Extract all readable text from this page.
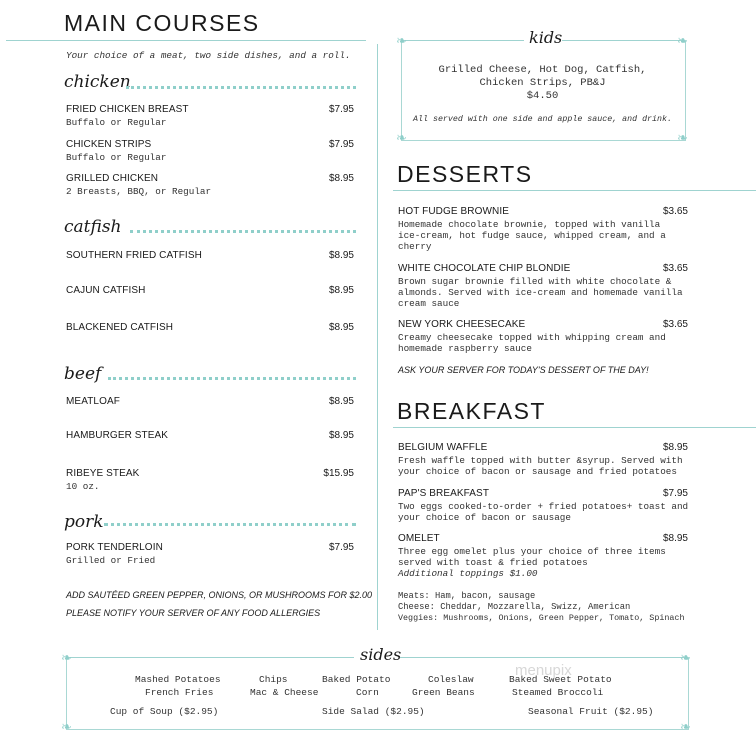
MAIN COURSES
Your choice of a meat, two side dishes, and a roll.
chicken
FRIED CHICKEN BREAST	$7.95
Buffalo or Regular
CHICKEN STRIPS	$7.95
Buffalo or Regular
GRILLED CHICKEN	$8.95
2 Breasts, BBQ, or Regular
catfish
SOUTHERN FRIED CATFISH	$8.95
CAJUN CATFISH	$8.95
BLACKENED CATFISH	$8.95
beef
MEATLOAF	$8.95
HAMBURGER STEAK	$8.95
RIBEYE STEAK	$15.95
10 oz.
pork
PORK TENDERLOIN	$7.95
Grilled or Fried
ADD SAUTÉED GREEN PEPPER, ONIONS, OR MUSHROOMS FOR $2.00
PLEASE NOTIFY YOUR SERVER OF ANY FOOD ALLERGIES
kids
❧	❧
❧	❧
Grilled Cheese, Hot Dog, Catfish,
Chicken Strips, PB&J
$4.50
All served with one side and apple sauce, and drink.
DESSERTS
HOT FUDGE BROWNIE	$3.65
Homemade chocolate brownie, topped with vanilla
ice-cream, hot fudge sauce, whipped cream, and a
cherry
WHITE CHOCOLATE CHIP BLONDIE	$3.65
Brown sugar brownie filled with white chocolate &
almonds. Served with ice-cream and homemade vanilla
cream sauce
NEW YORK CHEESECAKE	$3.65
Creamy cheesecake topped with whipping cream and
homemade raspberry sauce
ASK YOUR SERVER FOR TODAY'S DESSERT OF THE DAY!
BREAKFAST
BELGIUM WAFFLE	$8.95
Fresh waffle topped with butter &syrup. Served with
your choice of bacon or sausage and fried potatoes
PAP'S BREAKFAST	$7.95
Two eggs cooked-to-order + fried potatoes+ toast and
your choice of bacon or sausage
OMELET	$8.95
Three egg omelet plus your choice of three items
served with toast & fried potatoes
Additional toppings $1.00
Meats: Ham, bacon, sausage
Cheese: Cheddar, Mozzarella, Swizz, American
Veggies: Mushrooms, Onions, Green Pepper, Tomato, Spinach
sides
❧	❧
❧	❧
Mashed Potatoes	Chips	Baked Potato	Coleslaw	Baked Sweet Potato
French Fries	Mac & Cheese	Corn	Green Beans	Steamed Broccoli
Cup of Soup ($2.95)	Side Salad ($2.95)	Seasonal Fruit ($2.95)
menupix
